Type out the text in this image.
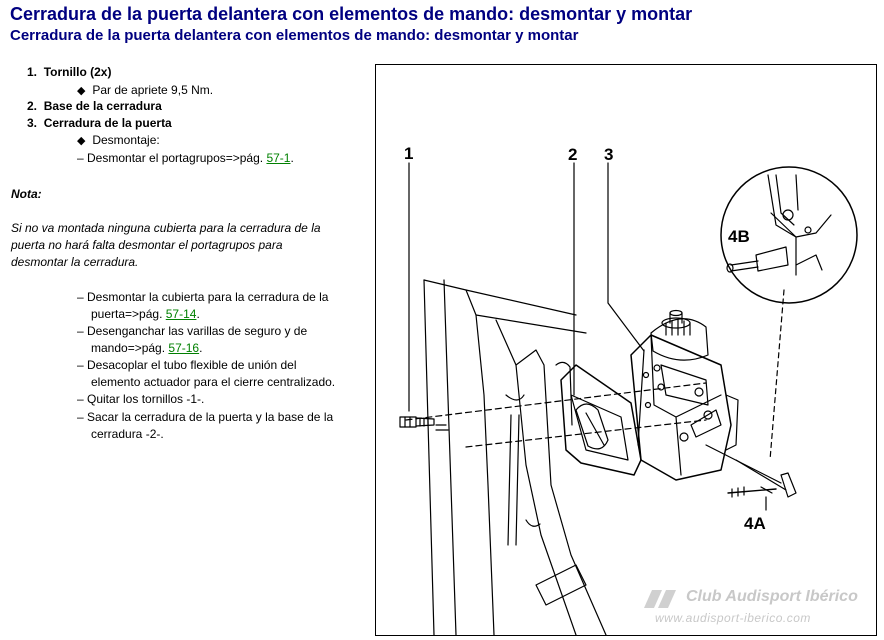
Cerradura de la puerta delantera con elementos de mando: desmontar y montar
Cerradura de la puerta delantera con elementos de mando: desmontar y montar
1. Tornillo (2x)
◆ Par de apriete 9,5 Nm.
2. Base de la cerradura
3. Cerradura de la puerta
◆ Desmontaje:
– Desmontar el portagrupos=>pág. 57-1.
Nota:
Si no va montada ninguna cubierta para la cerradura de la
puerta no hará falta desmontar el portagrupos para
desmontar la cerradura.
– Desmontar la cubierta para la cerradura de la
puerta=>pág. 57-14.
– Desenganchar las varillas de seguro y de
mando=>pág. 57-16.
– Desacoplar el tubo flexible de unión del
elemento actuador para el cierre centralizado.
– Quitar los tornillos -1-.
– Sacar la cerradura de la puerta y la base de la
cerradura -2-.
1	2 3
4B
4A
Club Audisport Ibérico
www.audisport-iberico.com
